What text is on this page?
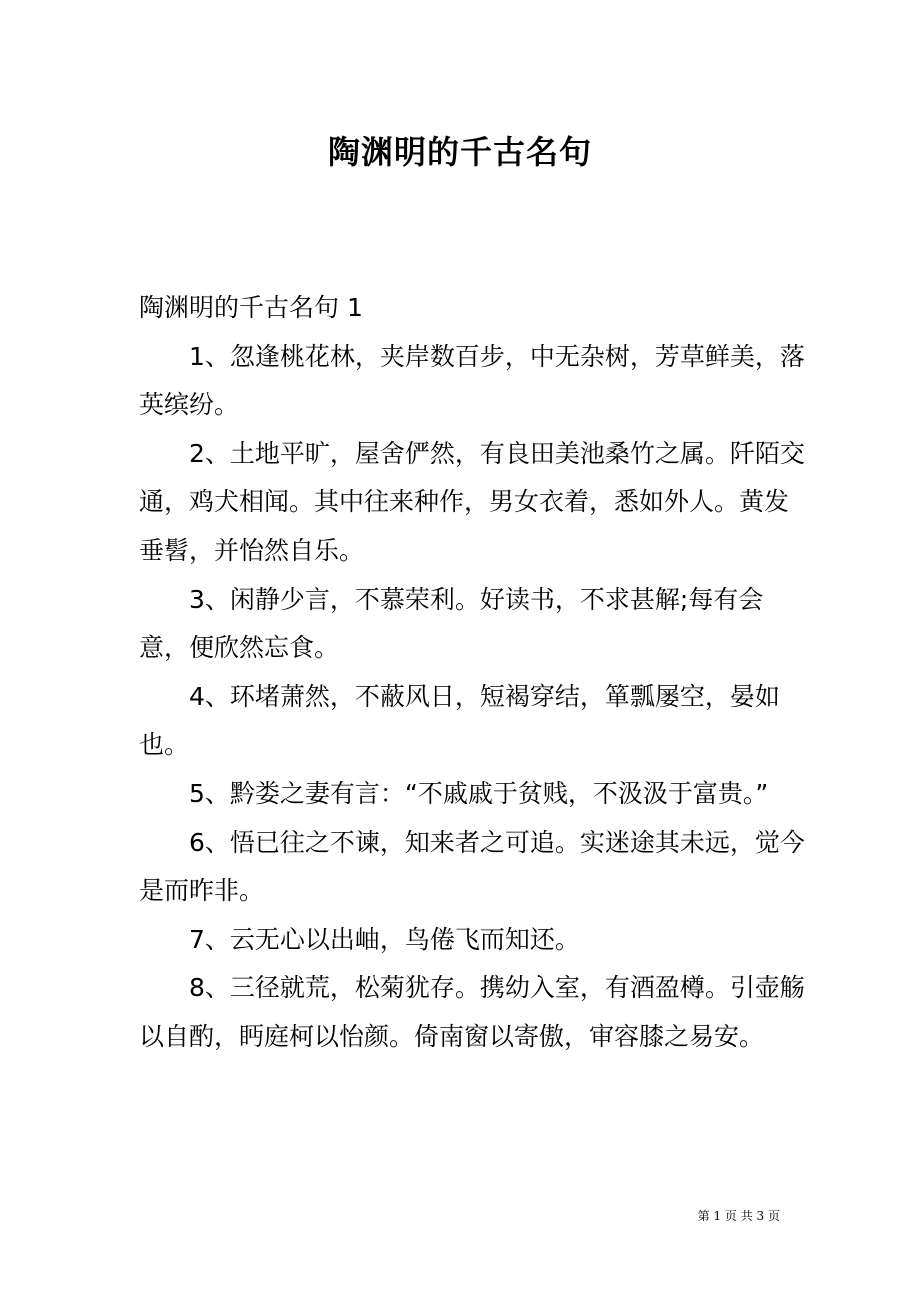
陶渊明的千古名句

陶渊明的千古名句 1

1、忽逢桃花林，夹岸数百步，中无杂树，芳草鲜美，落英缤纷。

2、土地平旷，屋舍俨然，有良田美池桑竹之属。阡陌交通，鸡犬相闻。其中往来种作，男女衣着，悉如外人。黄发垂髫，并怡然自乐。

3、闲静少言，不慕荣利。好读书，不求甚解;每有会意，便欣然忘食。

4、环堵萧然，不蔽风日，短褐穿结，箪瓢屡空，晏如也。

5、黔娄之妻有言：“不戚戚于贫贱，不汲汲于富贵。”

6、悟已往之不谏，知来者之可追。实迷途其未远，觉今是而昨非。

7、云无心以出岫，鸟倦飞而知还。

8、三径就荒，松菊犹存。携幼入室，有酒盈樽。引壶觞以自酌，眄庭柯以怡颜。倚南窗以寄傲，审容膝之易安。

第 1 页 共 3 页
